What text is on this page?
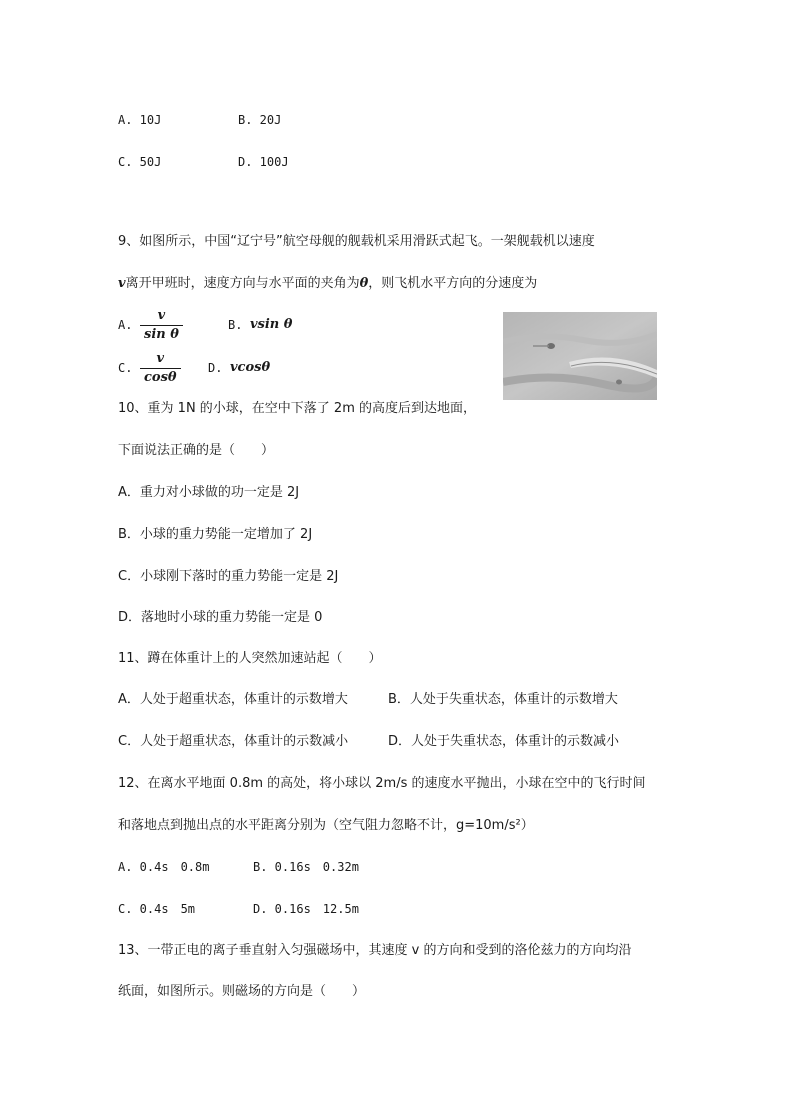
A. 10J	B. 20J
C. 50J	D. 100J
9、如图所示，中国“辽宁号”航空母舰的舰载机采用滑跃式起飞。一架舰载机以速度
v离开甲班时，速度方向与水平面的夹角为θ，则飞机水平方向的分速度为
A. $\frac{v}{\text{sin θ}}$	B. vsin θ
C. $\frac{v}{\cos\theta} D$. vcosθ
10、重为 1N 的小球，在空中下落了 2m 的高度后到达地面，
下面说法正确的是（　　）
A．重力对小球做的功一定是 2J
B．小球的重力势能一定增加了 2J
C．小球刚下落时的重力势能一定是 2J
D．落地时小球的重力势能一定是 0
11、蹲在体重计上的人突然加速站起（　　）
A．人处于超重状态，体重计的示数增大	B．人处于失重状态，体重计的示数增大
C．人处于超重状态，体重计的示数减小	D．人处于失重状态，体重计的示数减小
12、在离水平地面 0.8m 的高处，将小球以 2m/s 的速度水平抛出，小球在空中的飞行时间
和落地点到抛出点的水平距离分别为（空气阻力忽略不计，g=10m/s²）
A. 0.4s　0.8m	B. 0.16s　0.32m
C. 0.4s　5m	D. 0.16s　12.5m
13、一带正电的离子垂直射入匀强磁场中，其速度 v 的方向和受到的洛伦兹力的方向均沿
纸面，如图所示。则磁场的方向是（　　）
